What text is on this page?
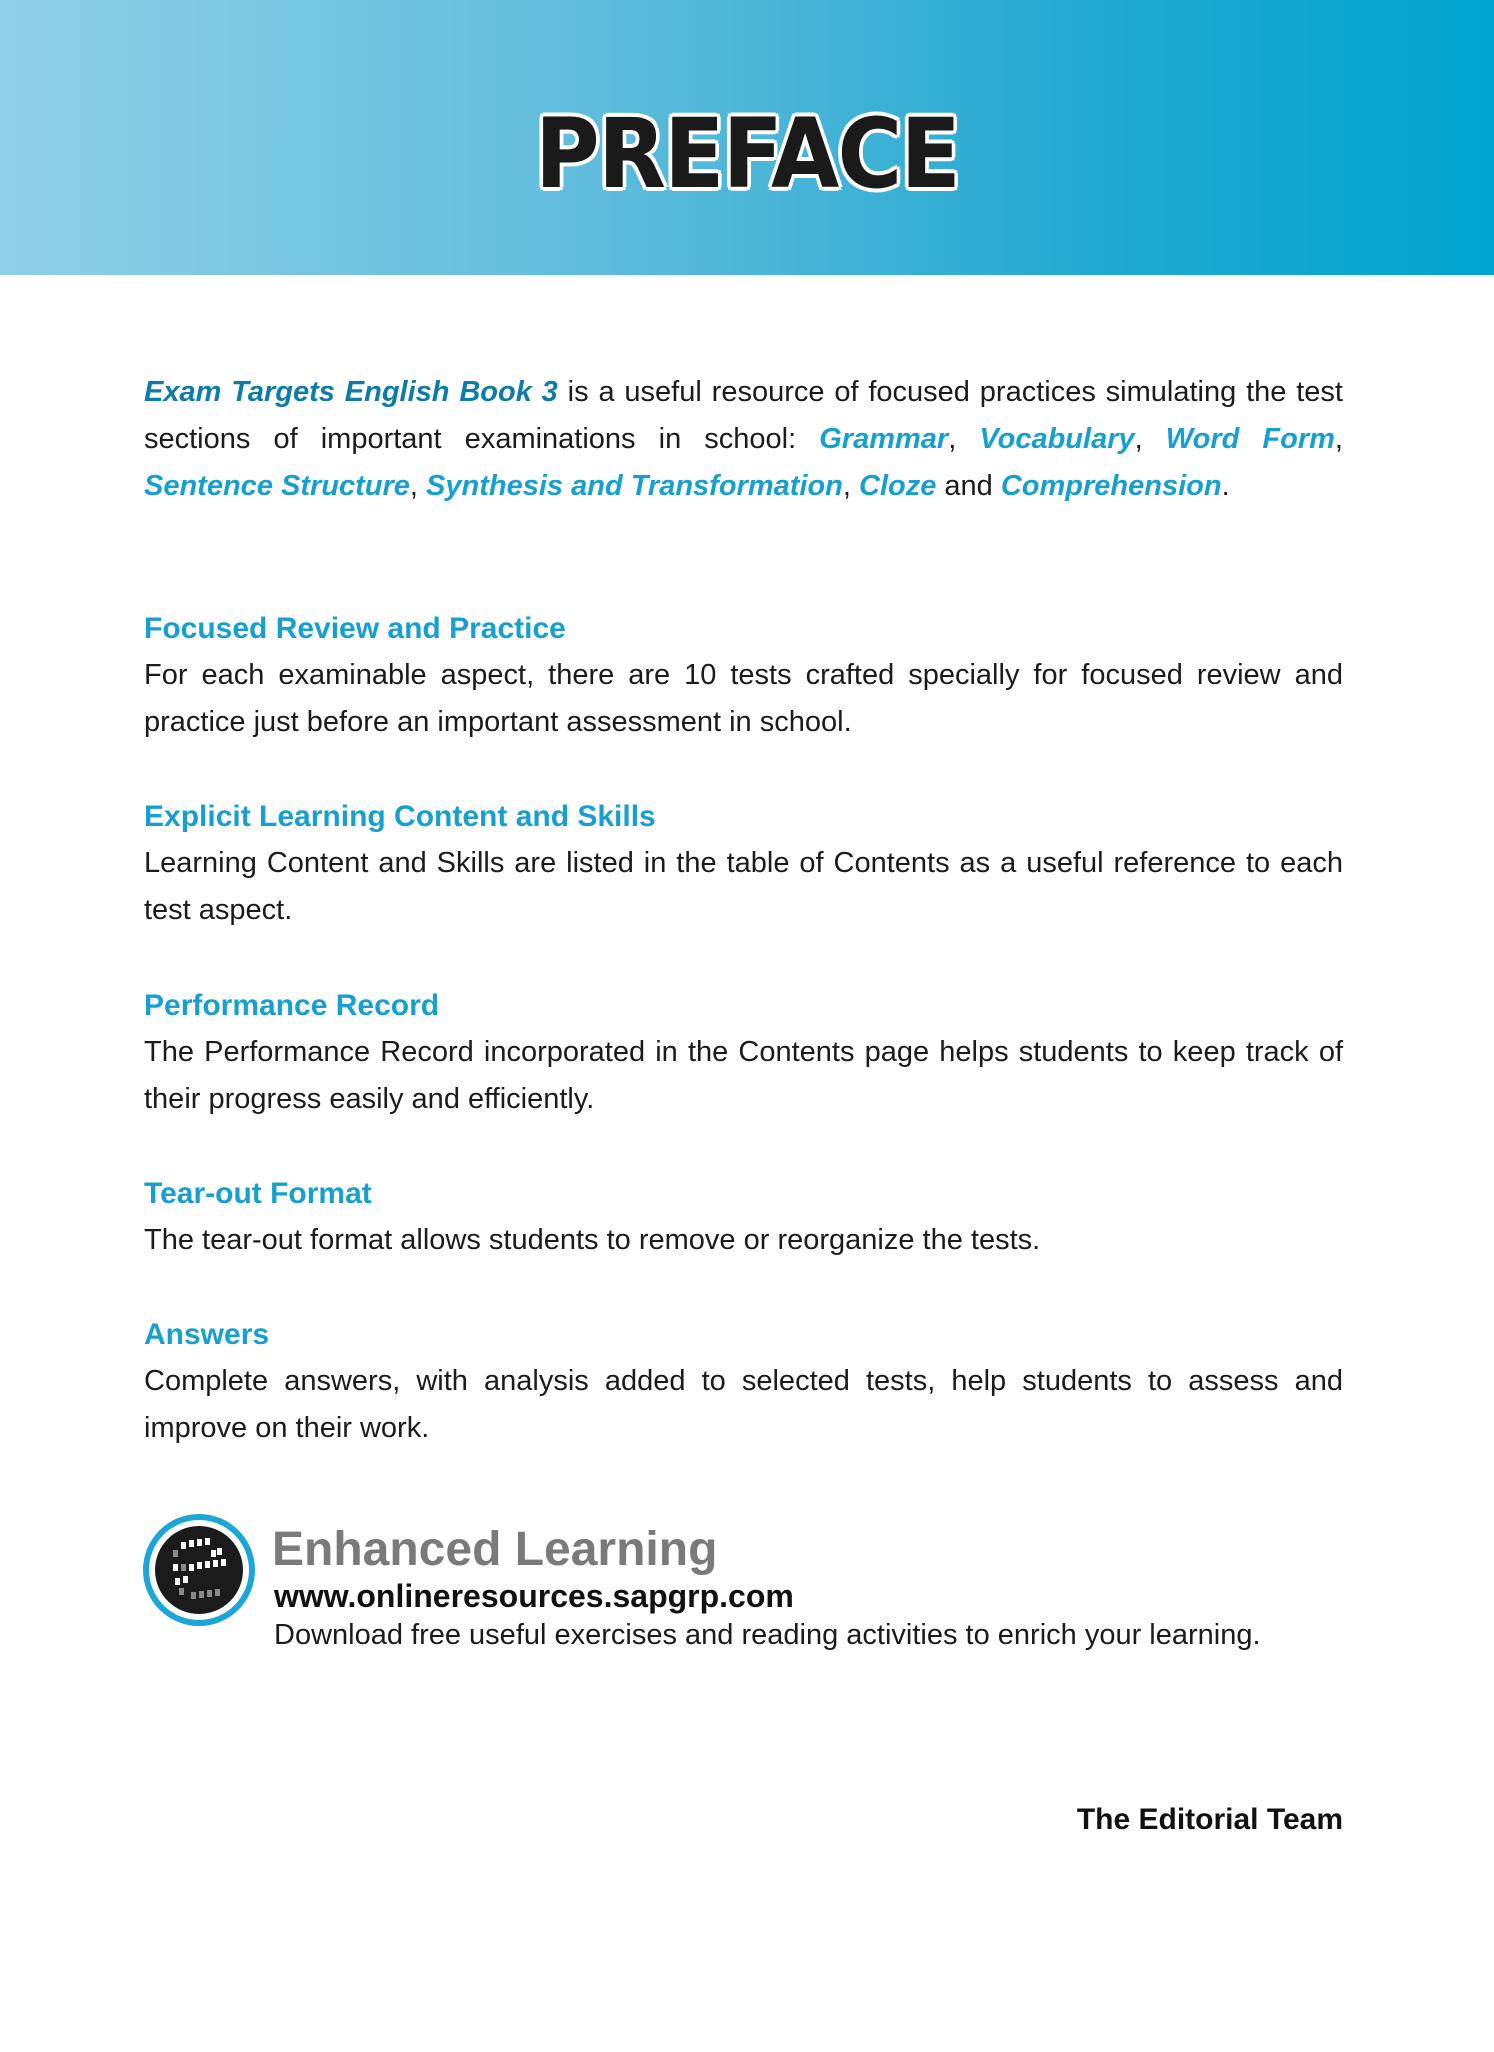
PREFACE
Exam Targets English Book 3 is a useful resource of focused practices simulating the test sections of important examinations in school: Grammar, Vocabulary, Word Form, Sentence Structure, Synthesis and Transformation, Cloze and Comprehension.
Focused Review and Practice
For each examinable aspect, there are 10 tests crafted specially for focused review and practice just before an important assessment in school.
Explicit Learning Content and Skills
Learning Content and Skills are listed in the table of Contents as a useful reference to each test aspect.
Performance Record
The Performance Record incorporated in the Contents page helps students to keep track of their progress easily and efficiently.
Tear-out Format
The tear-out format allows students to remove or reorganize the tests.
Answers
Complete answers, with analysis added to selected tests, help students to assess and improve on their work.
Enhanced Learning
www.onlineresources.sapgrp.com
Download free useful exercises and reading activities to enrich your learning.
The Editorial Team
